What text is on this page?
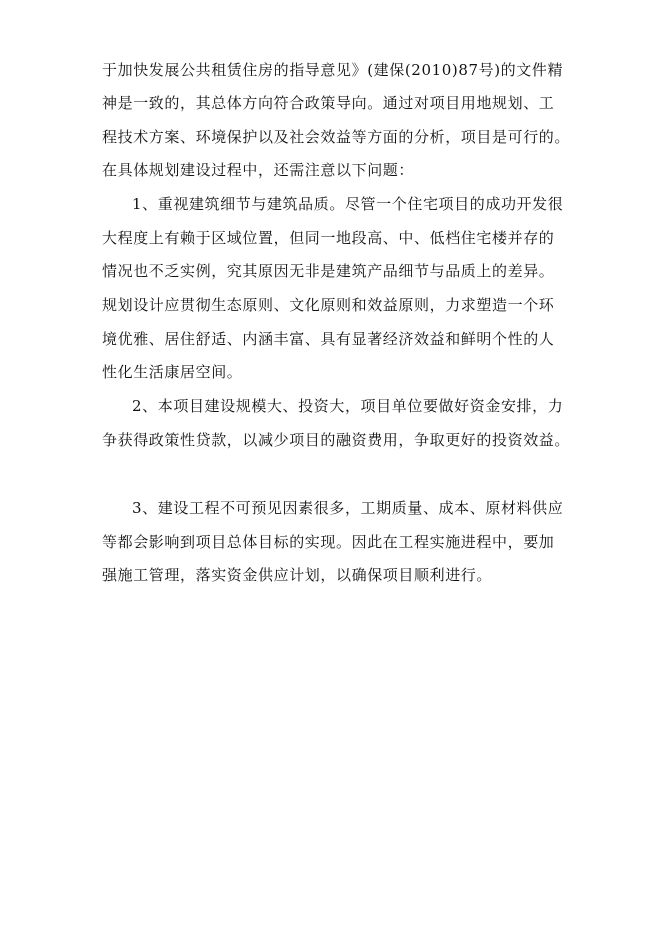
于加快发展公共租赁住房的指导意见》(建保(2010)87号)的文件精
神是一致的，其总体方向符合政策导向。通过对项目用地规划、工
程技术方案、环境保护以及社会效益等方面的分析，项目是可行的。
在具体规划建设过程中，还需注意以下问题：
1、重视建筑细节与建筑品质。尽管一个住宅项目的成功开发很
大程度上有赖于区域位置，但同一地段高、中、低档住宅楼并存的
情况也不乏实例，究其原因无非是建筑产品细节与品质上的差异。
规划设计应贯彻生态原则、文化原则和效益原则，力求塑造一个环
境优雅、居住舒适、内涵丰富、具有显著经济效益和鲜明个性的人
性化生活康居空间。
2、本项目建设规模大、投资大，项目单位要做好资金安排，力
争获得政策性贷款，以减少项目的融资费用，争取更好的投资效益。
3、建设工程不可预见因素很多，工期质量、成本、原材料供应
等都会影响到项目总体目标的实现。因此在工程实施进程中，要加
强施工管理，落实资金供应计划，以确保项目顺利进行。
